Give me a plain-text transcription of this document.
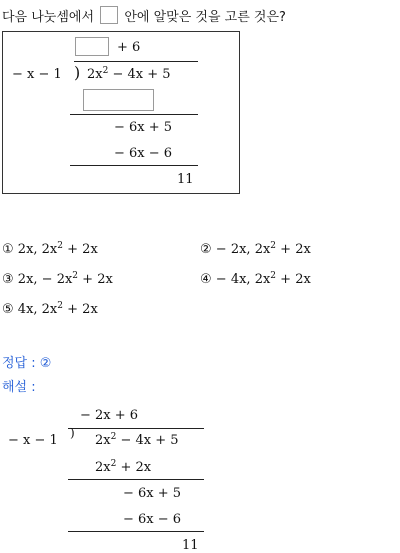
다음 나눗셈에서 안에 알맞은 것을 고른 것은?
+ 6
− x − 1 ) $2x^2 - 4x + 5$
− 6x + 5
− 6x − 6
11
① 2x, $2x^2 + 2x$	② − 2x, $2x^2 + 2x$
③ 2x, − $2x^2 + 2x$	④ − 4x, $2x^2 + 2x$
⑤ 4x, $2x^2 + 2x$
정답 : ②
해설 :
− 2x + 6
− x − 1 ) $2x^2 - 4x + 5$
$2x^2 + 2x$
− 6x + 5
− 6x − 6
11
